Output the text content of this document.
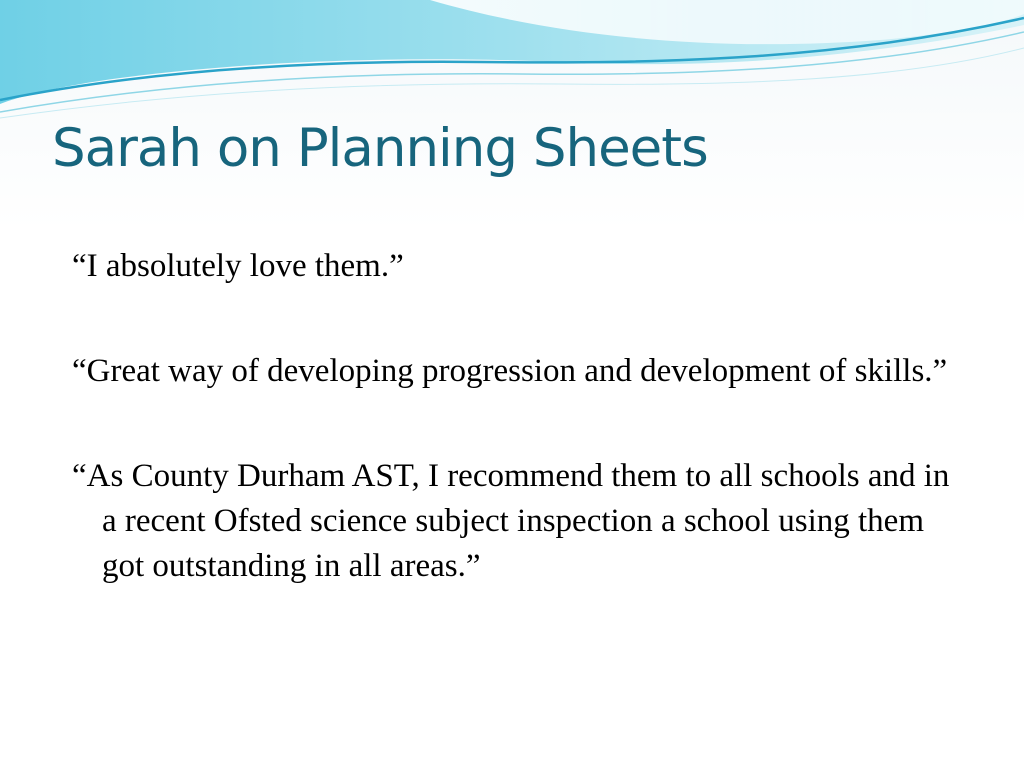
Sarah on Planning Sheets
“I absolutely love them.”
“Great way of developing progression and development of skills.”
“As County Durham AST, I recommend them to all schools and in a recent Ofsted science subject inspection a school using them got outstanding in all areas.”
